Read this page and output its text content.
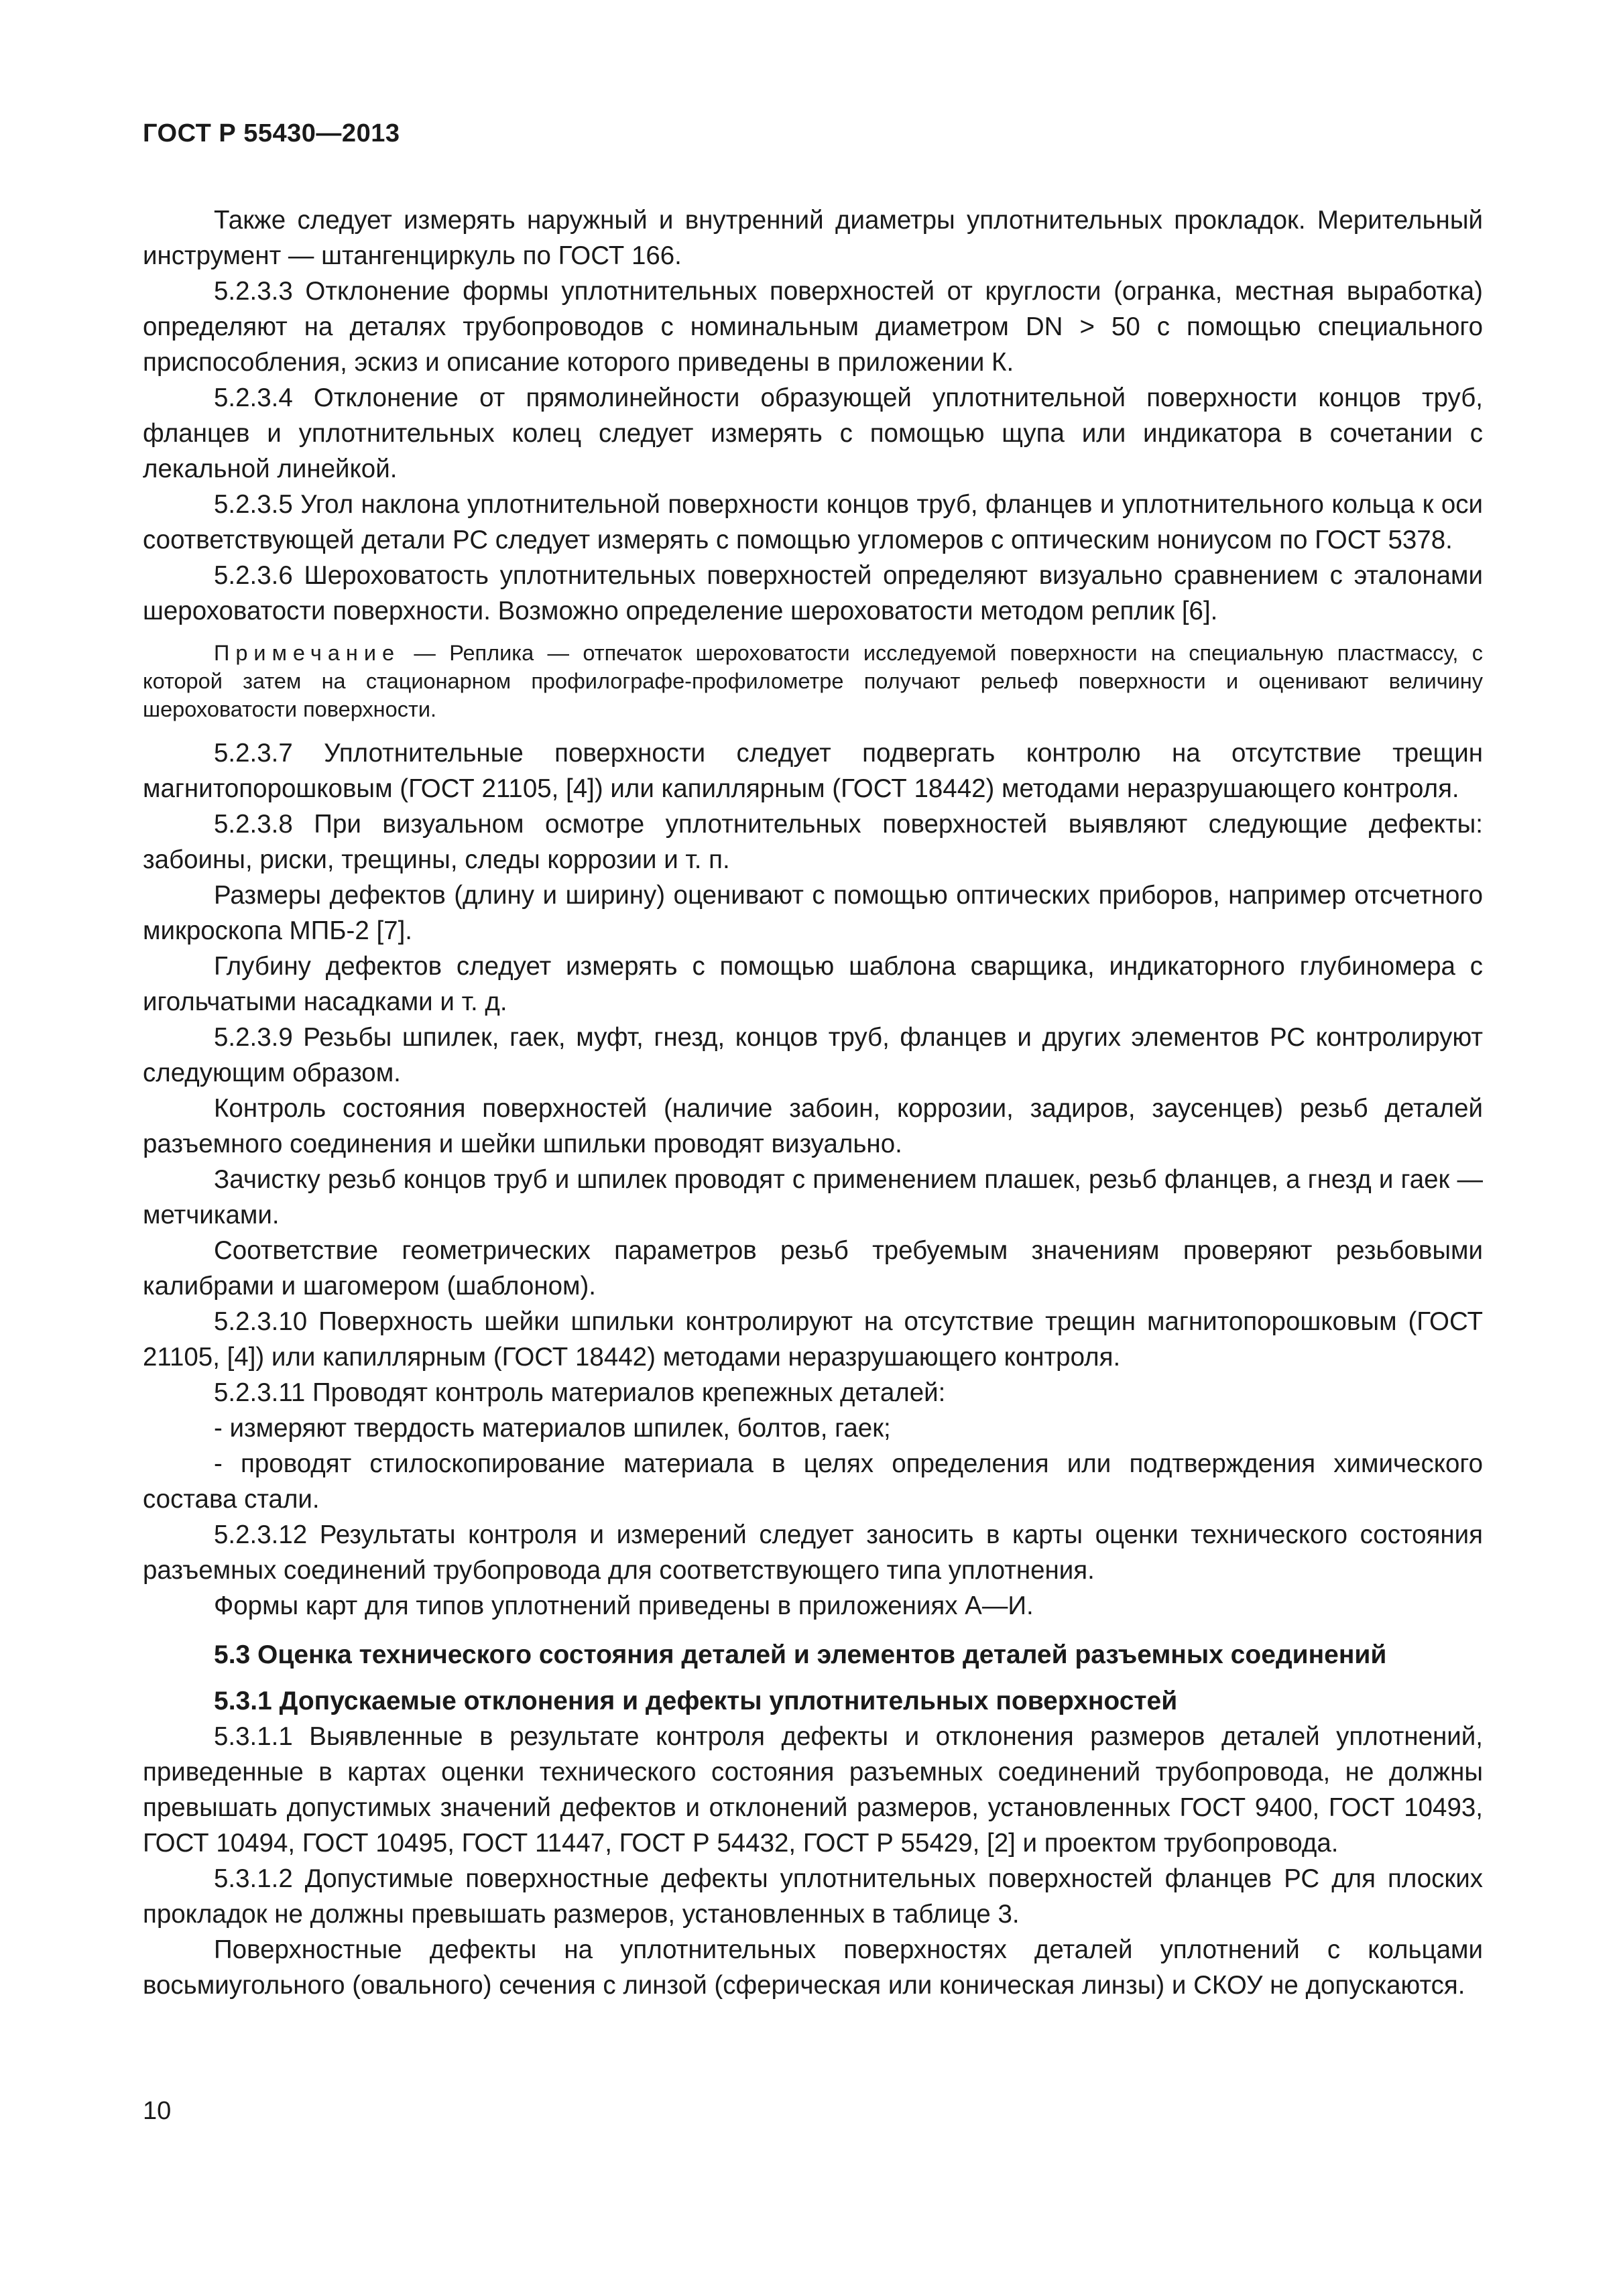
ГОСТ Р 55430—2013

Также следует измерять наружный и внутренний диаметры уплотнительных прокладок. Мерительный инструмент — штангенциркуль по ГОСТ 166.

5.2.3.3 Отклонение формы уплотнительных поверхностей от круглости (огранка, местная выработка) определяют на деталях трубопроводов с номинальным диаметром DN > 50 с помощью специального приспособления, эскиз и описание которого приведены в приложении К.

5.2.3.4 Отклонение от прямолинейности образующей уплотнительной поверхности концов труб, фланцев и уплотнительных колец следует измерять с помощью щупа или индикатора в сочетании с лекальной линейкой.

5.2.3.5 Угол наклона уплотнительной поверхности концов труб, фланцев и уплотнительного кольца к оси соответствующей детали РС следует измерять с помощью угломеров с оптическим нониусом по ГОСТ 5378.

5.2.3.6 Шероховатость уплотнительных поверхностей определяют визуально сравнением с эталонами шероховатости поверхности. Возможно определение шероховатости методом реплик [6].

Примечание — Реплика — отпечаток шероховатости исследуемой поверхности на специальную пластмассу, с которой затем на стационарном профилографе-профилометре получают рельеф поверхности и оценивают величину шероховатости поверхности.

5.2.3.7 Уплотнительные поверхности следует подвергать контролю на отсутствие трещин магнитопорошковым (ГОСТ 21105, [4]) или капиллярным (ГОСТ 18442) методами неразрушающего контроля.

5.2.3.8 При визуальном осмотре уплотнительных поверхностей выявляют следующие дефекты: забоины, риски, трещины, следы коррозии и т. п.

Размеры дефектов (длину и ширину) оценивают с помощью оптических приборов, например отсчетного микроскопа МПБ-2 [7].

Глубину дефектов следует измерять с помощью шаблона сварщика, индикаторного глубиномера с игольчатыми насадками и т. д.

5.2.3.9 Резьбы шпилек, гаек, муфт, гнезд, концов труб, фланцев и других элементов РС контролируют следующим образом.

Контроль состояния поверхностей (наличие забоин, коррозии, задиров, заусенцев) резьб деталей разъемного соединения и шейки шпильки проводят визуально.

Зачистку резьб концов труб и шпилек проводят с применением плашек, резьб фланцев, а гнезд и гаек — метчиками.

Соответствие геометрических параметров резьб требуемым значениям проверяют резьбовыми калибрами и шагомером (шаблоном).

5.2.3.10 Поверхность шейки шпильки контролируют на отсутствие трещин магнитопорошковым (ГОСТ 21105, [4]) или капиллярным (ГОСТ 18442) методами неразрушающего контроля.

5.2.3.11 Проводят контроль материалов крепежных деталей:

- измеряют твердость материалов шпилек, болтов, гаек;

- проводят стилоскопирование материала в целях определения или подтверждения химического состава стали.

5.2.3.12 Результаты контроля и измерений следует заносить в карты оценки технического состояния разъемных соединений трубопровода для соответствующего типа уплотнения.

Формы карт для типов уплотнений приведены в приложениях А—И.

5.3 Оценка технического состояния деталей и элементов деталей разъемных соединений
5.3.1 Допускаемые отклонения и дефекты уплотнительных поверхностей

5.3.1.1 Выявленные в результате контроля дефекты и отклонения размеров деталей уплотнений, приведенные в картах оценки технического состояния разъемных соединений трубопровода, не должны превышать допустимых значений дефектов и отклонений размеров, установленных ГОСТ 9400, ГОСТ 10493, ГОСТ 10494, ГОСТ 10495, ГОСТ 11447, ГОСТ Р 54432, ГОСТ Р 55429, [2] и проектом трубопровода.

5.3.1.2 Допустимые поверхностные дефекты уплотнительных поверхностей фланцев РС для плоских прокладок не должны превышать размеров, установленных в таблице 3.

Поверхностные дефекты на уплотнительных поверхностях деталей уплотнений с кольцами восьмиугольного (овального) сечения с линзой (сферическая или коническая линзы) и СКОУ не допускаются.

10
